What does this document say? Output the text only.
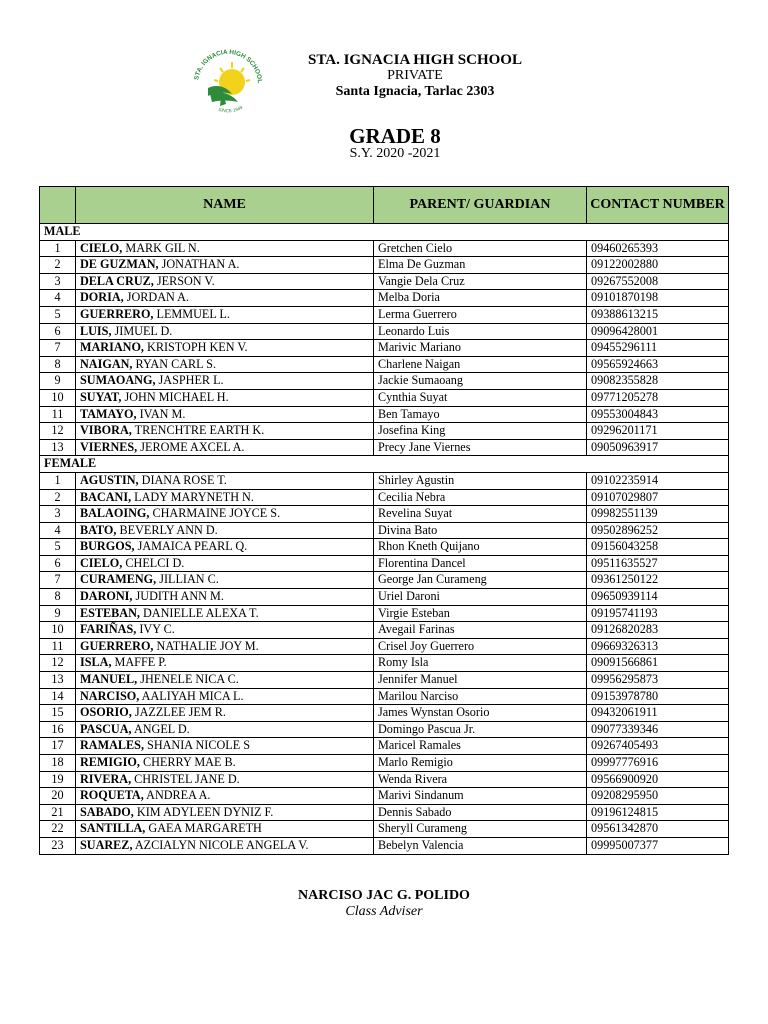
STA. IGNACIA HIGH SCHOOL
SINCE 1949
STA. IGNACIA HIGH SCHOOL
PRIVATE
Santa Ignacia, Tarlac 2303
GRADE 8
S.Y. 2020 -2021
	NAME	PARENT/ GUARDIAN	CONTACT NUMBER
MALE			
1	CIELO, MARK GIL N.	Gretchen Cielo	09460265393
2	DE GUZMAN, JONATHAN A.	Elma De Guzman	09122002880
3	DELA CRUZ, JERSON V.	Vangie Dela Cruz	09267552008
4	DORIA, JORDAN A.	Melba Doria	09101870198
5	GUERRERO, LEMMUEL L.	Lerma Guerrero	09388613215
6	LUIS, JIMUEL D.	Leonardo Luis	09096428001
7	MARIANO, KRISTOPH KEN V.	Marivic Mariano	09455296111
8	NAIGAN, RYAN CARL S.	Charlene Naigan	09565924663
9	SUMAOANG, JASPHER L.	Jackie Sumaoang	09082355828
10	SUYAT, JOHN MICHAEL H.	Cynthia Suyat	09771205278
11	TAMAYO, IVAN M.	Ben Tamayo	09553004843
12	VIBORA, TRENCHTRE EARTH K.	Josefina King	09296201171
13	VIERNES, JEROME AXCEL A.	Precy Jane Viernes	09050963917
FEMALE			
1	AGUSTIN, DIANA ROSE T.	Shirley Agustin	09102235914
2	BACANI, LADY MARYNETH N.	Cecilia Nebra	09107029807
3	BALAOING, CHARMAINE JOYCE S.	Revelina Suyat	09982551139
4	BATO, BEVERLY ANN D.	Divina Bato	09502896252
5	BURGOS, JAMAICA PEARL Q.	Rhon Kneth Quijano	09156043258
6	CIELO, CHELCI D.	Florentina Dancel	09511635527
7	CURAMENG, JILLIAN C.	George Jan Curameng	09361250122
8	DARONI, JUDITH ANN M.	Uriel Daroni	09650939114
9	ESTEBAN, DANIELLE ALEXA T.	Virgie Esteban	09195741193
10	FARIÑAS, IVY C.	Avegail Farinas	09126820283
11	GUERRERO, NATHALIE JOY M.	Crisel Joy Guerrero	09669326313
12	ISLA, MAFFE P.	Romy Isla	09091566861
13	MANUEL, JHENELE NICA C.	Jennifer Manuel	09956295873
14	NARCISO, AALIYAH MICA L.	Marilou Narciso	09153978780
15	OSORIO, JAZZLEE JEM R.	James Wynstan Osorio	09432061911
16	PASCUA, ANGEL D.	Domingo Pascua Jr.	09077339346
17	RAMALES, SHANIA NICOLE S	Maricel Ramales	09267405493
18	REMIGIO, CHERRY MAE B.	Marlo Remigio	09997776916
19	RIVERA, CHRISTEL JANE D.	Wenda Rivera	09566900920
20	ROQUETA, ANDREA A.	Marivi Sindanum	09208295950
21	SABADO, KIM ADYLEEN DYNIZ F.	Dennis Sabado	09196124815
22	SANTILLA, GAEA MARGARETH	Sheryll Curameng	09561342870
23	SUAREZ, AZCIALYN NICOLE ANGELA V.	Bebelyn Valencia	09995007377
NARCISO JAC G. POLIDO
Class Adviser
